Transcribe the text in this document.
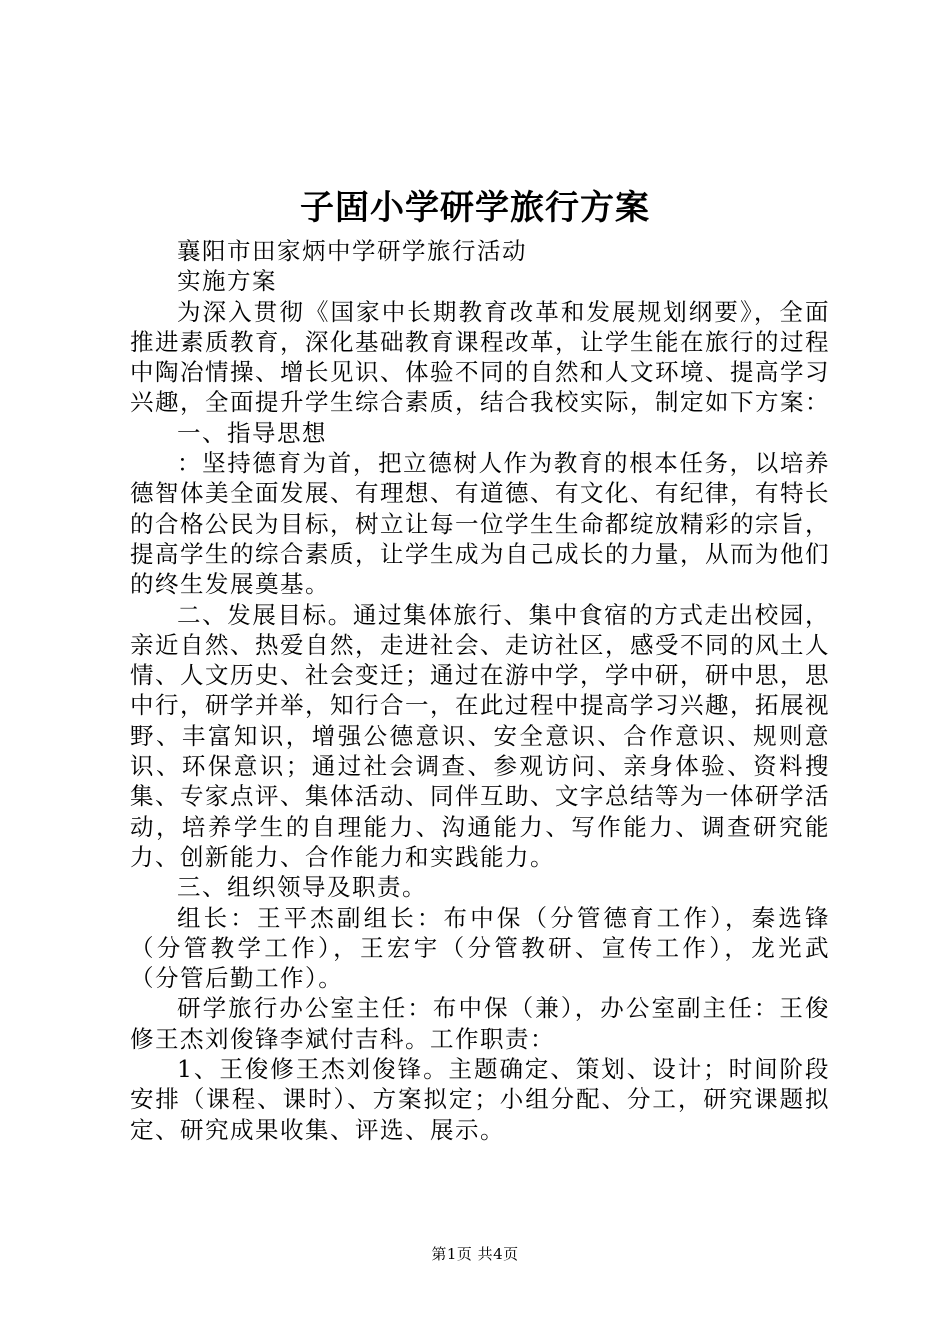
子固小学研学旅行方案

襄阳市田家炳中学研学旅行活动

实施方案

为深入贯彻《国家中长期教育改革和发展规划纲要》，全面推进素质教育，深化基础教育课程改革，让学生能在旅行的过程中陶冶情操、增长见识、体验不同的自然和人文环境、提高学习兴趣，全面提升学生综合素质，结合我校实际，制定如下方案：

一、指导思想

：坚持德育为首，把立德树人作为教育的根本任务，以培养德智体美全面发展、有理想、有道德、有文化、有纪律，有特长的合格公民为目标，树立让每一位学生生命都绽放精彩的宗旨，提高学生的综合素质，让学生成为自己成长的力量，从而为他们的终生发展奠基。

二、发展目标。通过集体旅行、集中食宿的方式走出校园，亲近自然、热爱自然，走进社会、走访社区，感受不同的风土人情、人文历史、社会变迁；通过在游中学，学中研，研中思，思中行，研学并举，知行合一，在此过程中提高学习兴趣，拓展视野、丰富知识，增强公德意识、安全意识、合作意识、规则意识、环保意识；通过社会调查、参观访问、亲身体验、资料搜集、专家点评、集体活动、同伴互助、文字总结等为一体研学活动，培养学生的自理能力、沟通能力、写作能力、调查研究能力、创新能力、合作能力和实践能力。

三、组织领导及职责。

组长：王平杰副组长：布中保（分管德育工作），秦选锋（分管教学工作），王宏宇（分管教研、宣传工作），龙光武（分管后勤工作）。

研学旅行办公室主任：布中保（兼），办公室副主任：王俊修王杰刘俊锋李斌付吉科。工作职责：

1、王俊修王杰刘俊锋。主题确定、策划、设计；时间阶段安排（课程、课时）、方案拟定；小组分配、分工，研究课题拟定、研究成果收集、评选、展示。

第1页 共4页
